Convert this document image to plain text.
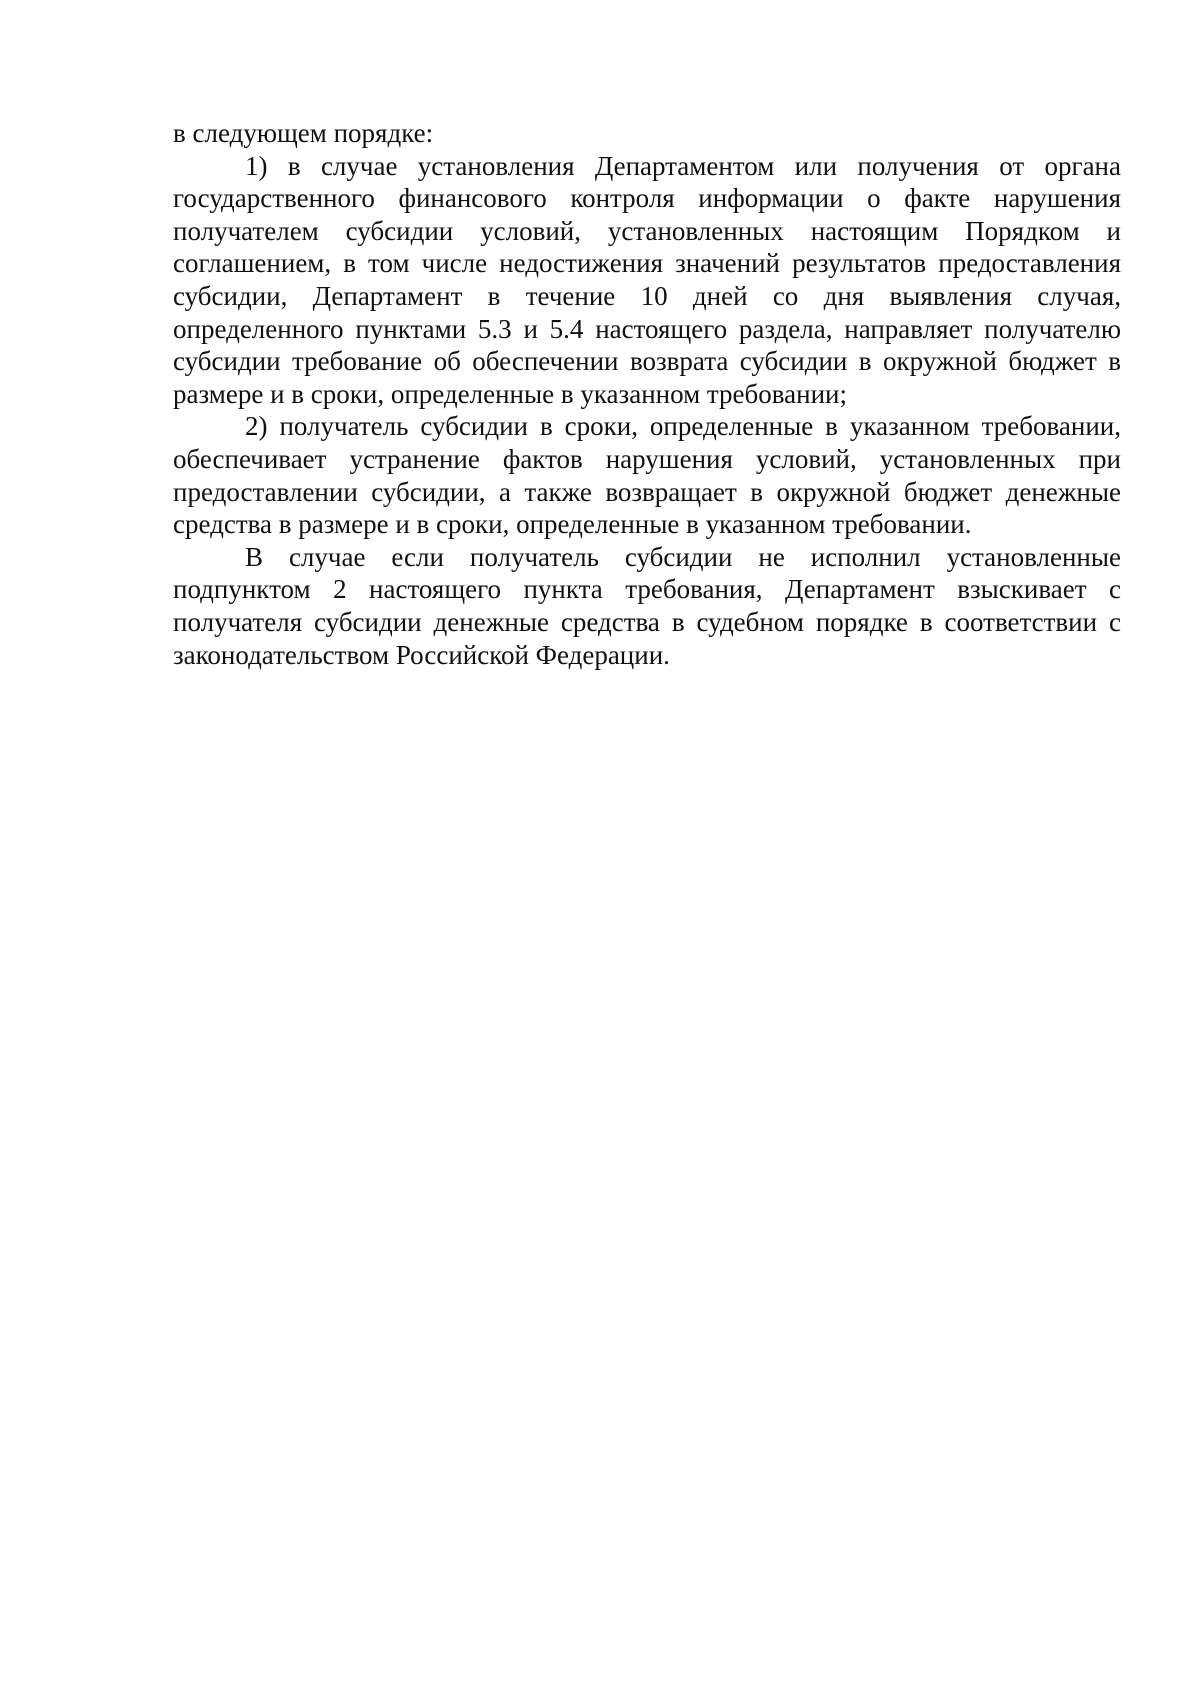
в следующем порядке:

1) в случае установления Департаментом или получения от органа государственного финансового контроля информации о факте нарушения получателем субсидии условий, установленных настоящим Порядком и соглашением, в том числе недостижения значений результатов предоставления субсидии, Департамент в течение 10 дней со дня выявления случая, определенного пунктами 5.3 и 5.4 настоящего раздела, направляет получателю субсидии требование об обеспечении возврата субсидии в окружной бюджет в размере и в сроки, определенные в указанном требовании;

2) получатель субсидии в сроки, определенные в указанном требовании, обеспечивает устранение фактов нарушения условий, установленных при предоставлении субсидии, а также возвращает в окружной бюджет денежные средства в размере и в сроки, определенные в указанном требовании.

В случае если получатель субсидии не исполнил установленные подпунктом 2 настоящего пункта требования, Департамент взыскивает с получателя субсидии денежные средства в судебном порядке в соответствии с законодательством Российской Федерации.
